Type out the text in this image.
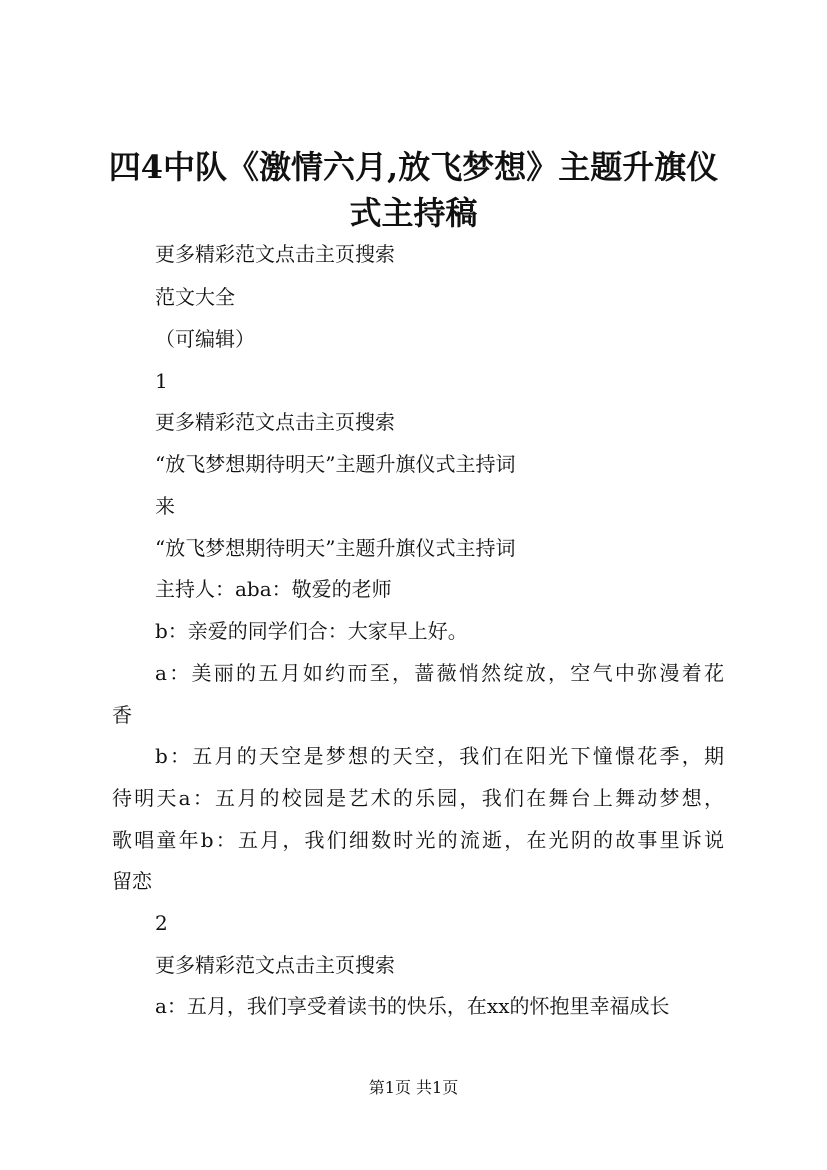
四4中队《激情六月,放飞梦想》主题升旗仪
式主持稿

更多精彩范文点击主页搜索

范文大全

（可编辑）

1

更多精彩范文点击主页搜索

“放飞梦想期待明天”主题升旗仪式主持词

来

“放飞梦想期待明天”主题升旗仪式主持词

主持人：aba：敬爱的老师

b：亲爱的同学们合：大家早上好。

a：美丽的五月如约而至，蔷薇悄然绽放，空气中弥漫着花

香

b：五月的天空是梦想的天空，我们在阳光下憧憬花季，期

待明天a：五月的校园是艺术的乐园，我们在舞台上舞动梦想，

歌唱童年b：五月，我们细数时光的流逝，在光阴的故事里诉说

留恋

2

更多精彩范文点击主页搜索

a：五月，我们享受着读书的快乐，在xx的怀抱里幸福成长

第1页 共1页
